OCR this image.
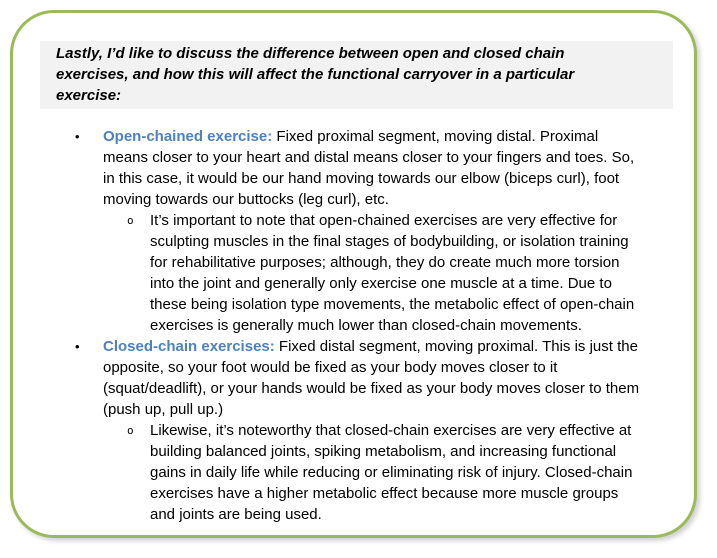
Lastly, I’d like to discuss the difference between open and closed chain
exercises, and how this will affect the functional carryover in a particular
exercise:
• Open-chained exercise: Fixed proximal segment, moving distal. Proximal
means closer to your heart and distal means closer to your fingers and toes. So,
in this case, it would be our hand moving towards our elbow (biceps curl), foot
moving towards our buttocks (leg curl), etc.
o It’s important to note that open-chained exercises are very effective for
sculpting muscles in the final stages of bodybuilding, or isolation training
for rehabilitative purposes; although, they do create much more torsion
into the joint and generally only exercise one muscle at a time. Due to
these being isolation type movements, the metabolic effect of open-chain
exercises is generally much lower than closed-chain movements.
• Closed-chain exercises: Fixed distal segment, moving proximal. This is just the
opposite, so your foot would be fixed as your body moves closer to it
(squat/deadlift), or your hands would be fixed as your body moves closer to them
(push up, pull up.)
o Likewise, it’s noteworthy that closed-chain exercises are very effective at
building balanced joints, spiking metabolism, and increasing functional
gains in daily life while reducing or eliminating risk of injury. Closed-chain
exercises have a higher metabolic effect because more muscle groups
and joints are being used.
